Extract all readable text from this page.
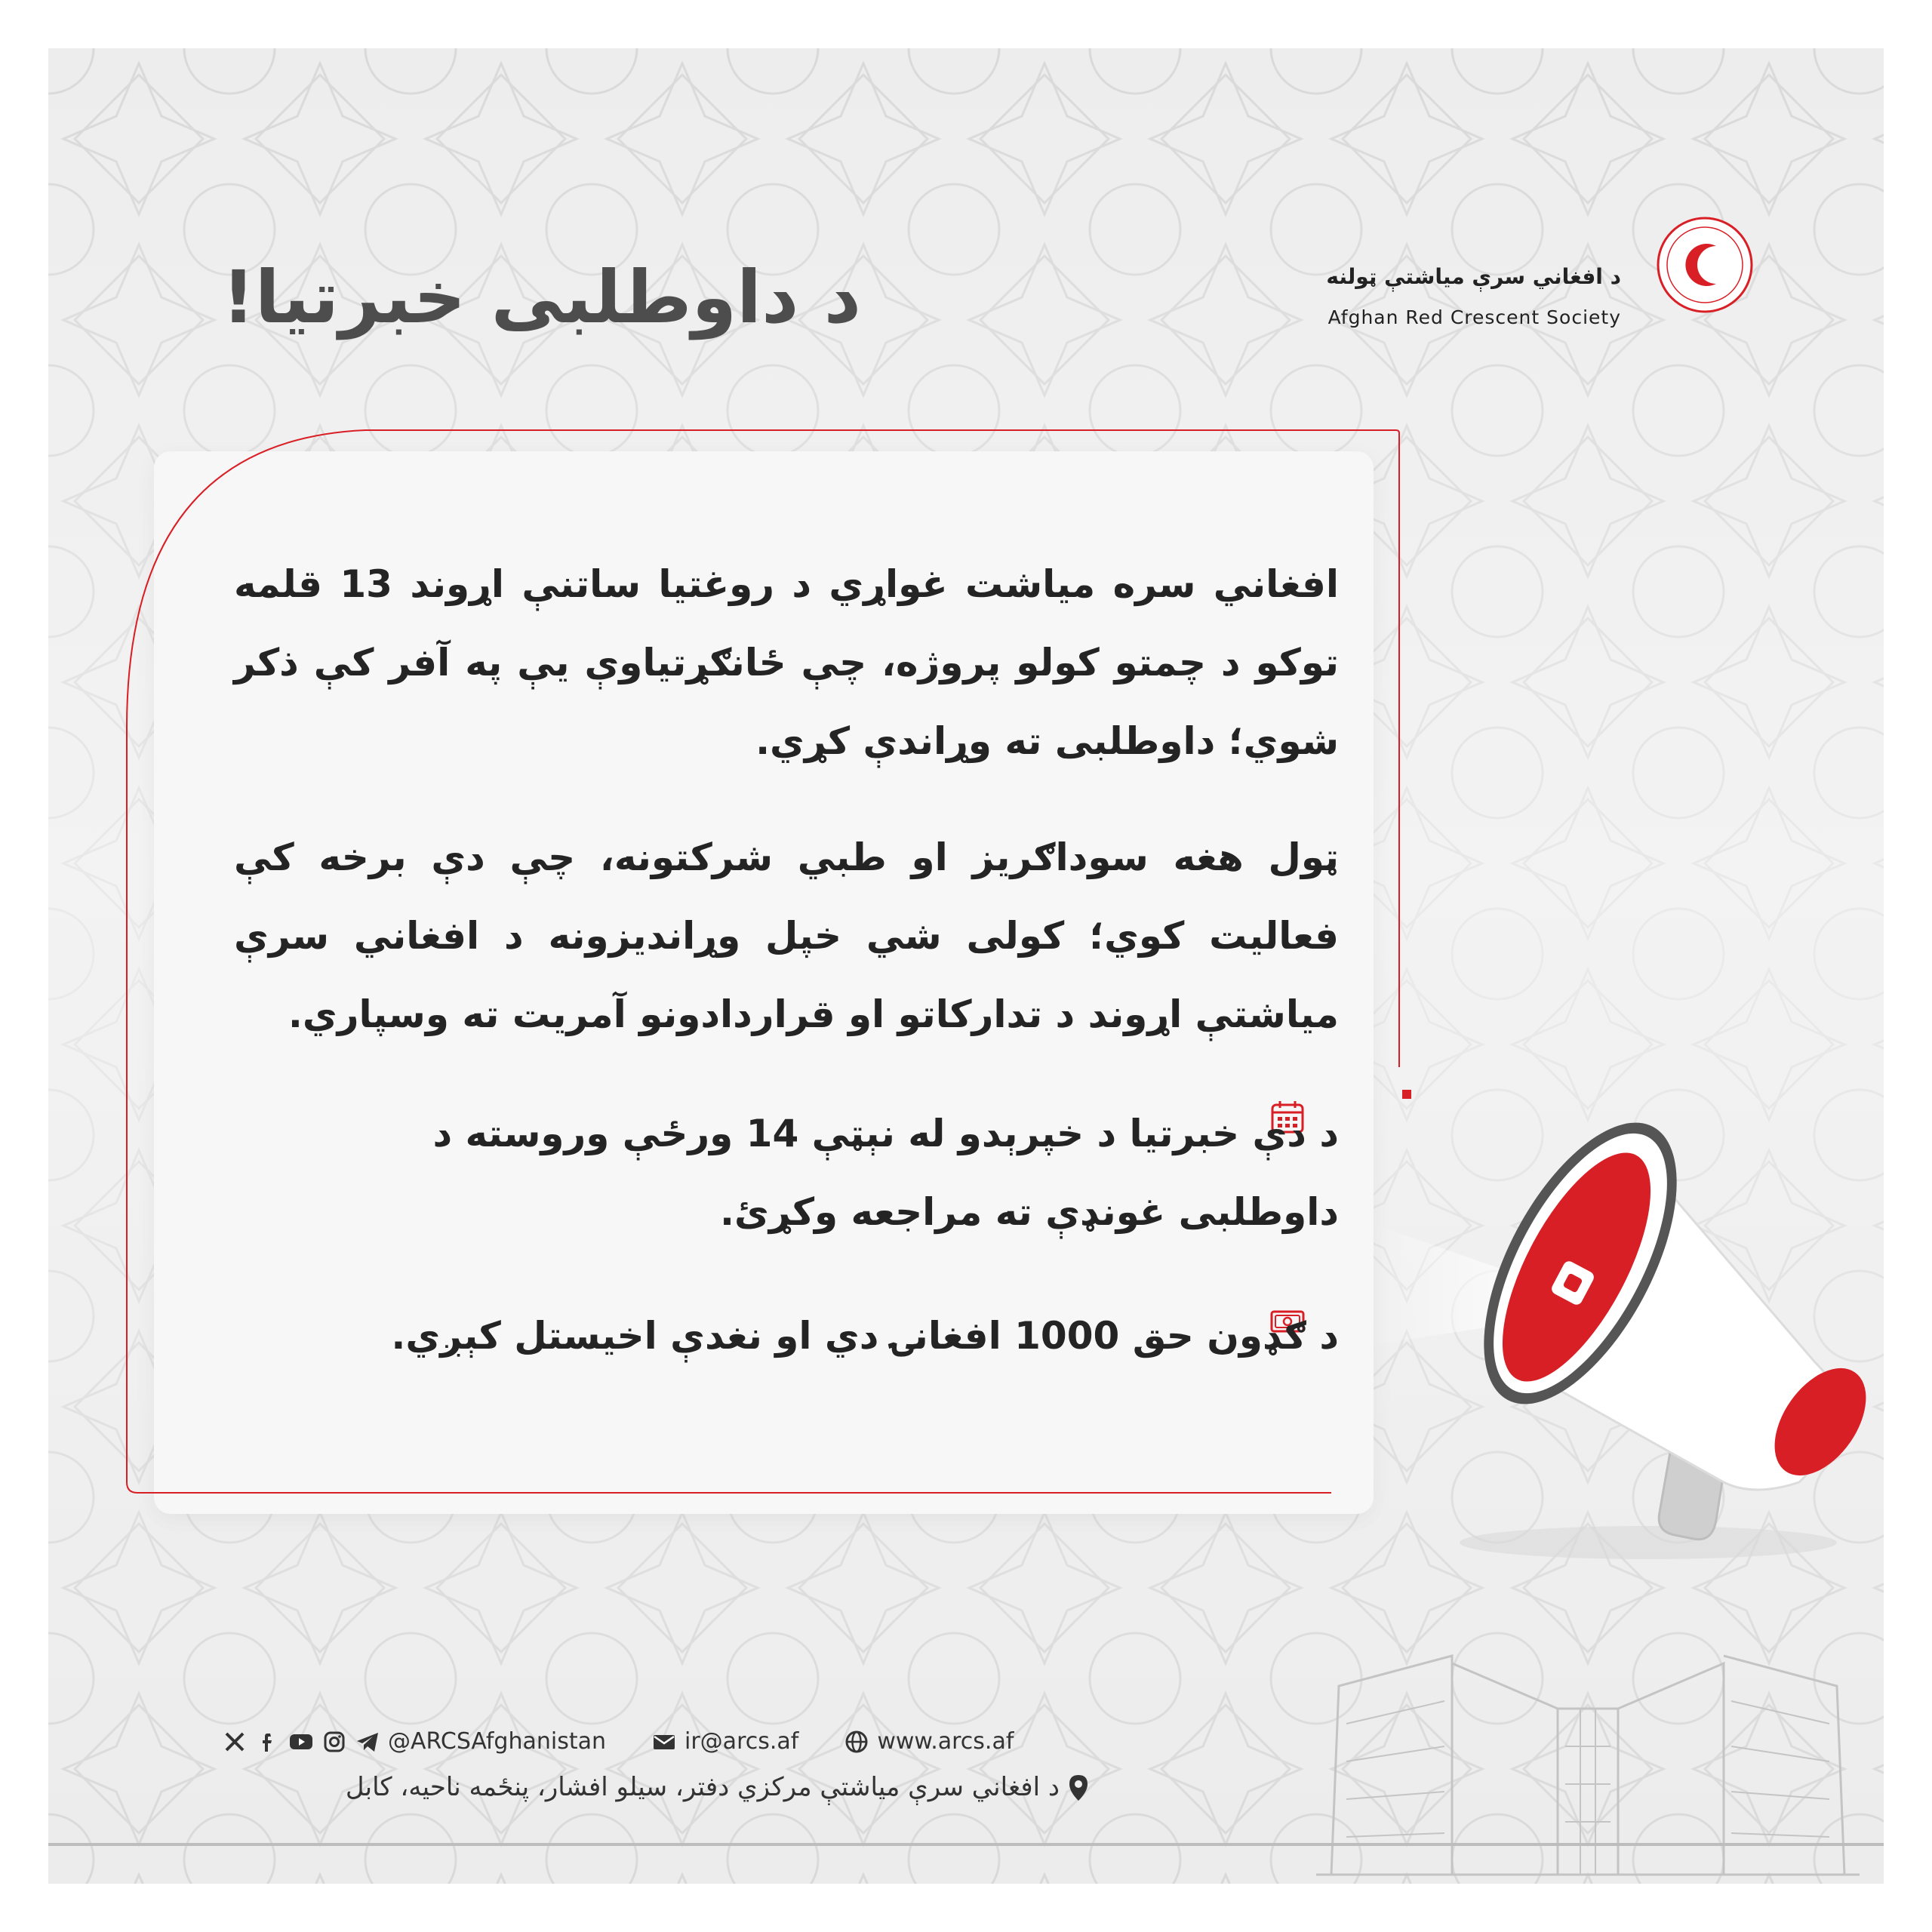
د افغاني سرې میاشتې ټولنه
Afghan Red Crescent Society
د داوطلبی خبرتیا!
افغاني سره میاشت غواړي د روغتیا ساتنې اړوند 13 قلمه توکو د چمتو کولو پروژه، چې ځانګړتیاوې یې په آفر کې ذکر شوي؛ داوطلبی ته وړاندې کړي.
ټول هغه سوداګریز او طبي شرکتونه، چې دې برخه کې فعالیت کوي؛ کولی شي خپل وړاندیزونه د افغاني سرې میاشتې اړوند د تدارکاتو او قراردادونو آمریت ته وسپاري.
د دې خبرتیا د خپرېدو له نېټې 14 ورځې وروسته د داوطلبی غونډې ته مراجعه وکړئ.
د ګډون حق 1000 افغانۍ دي او نغدې اخیستل کېږي.
@ARCSAfghanistan	ir@arcs.af	www.arcs.af
د افغاني سرې میاشتې مرکزي دفتر، سیلو افشار، پنځمه ناحیه، کابل
